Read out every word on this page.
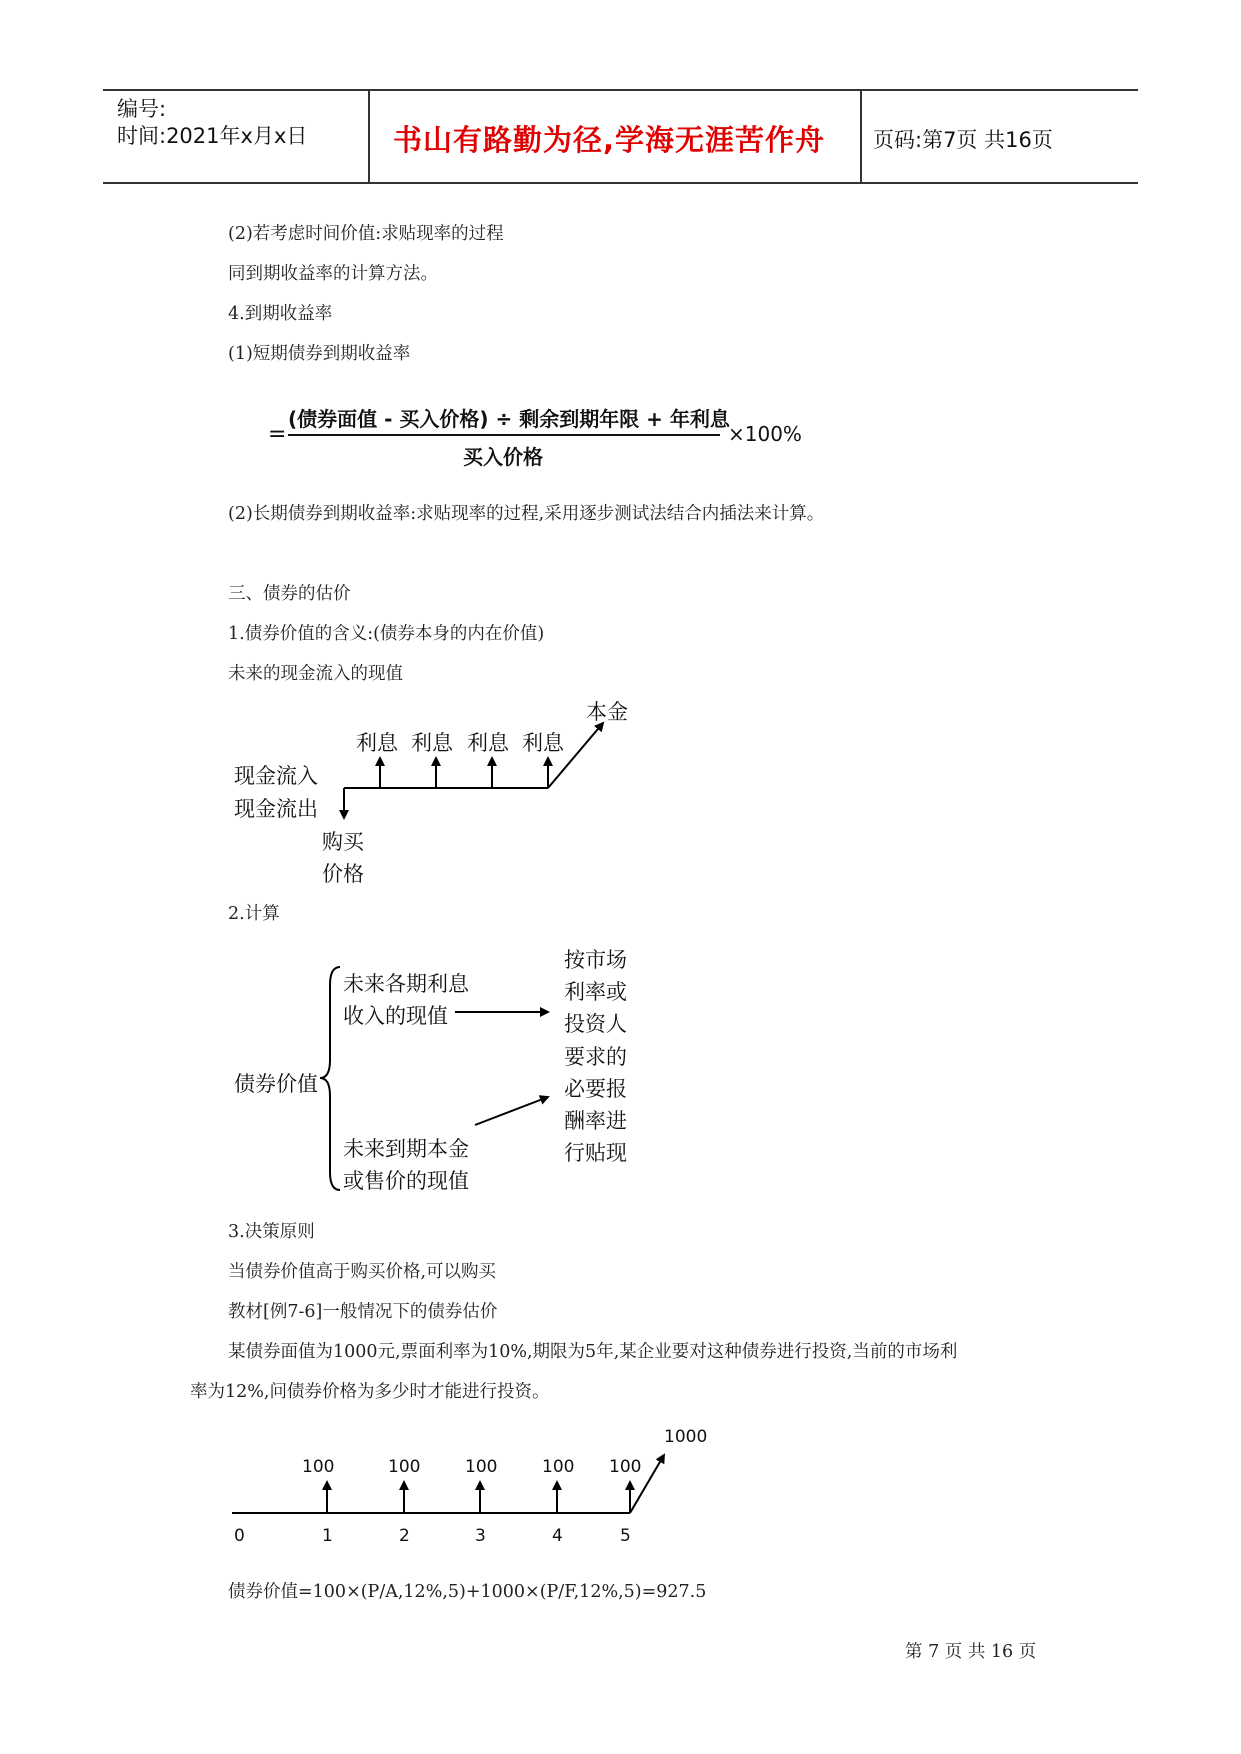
编号:
时间:2021年x月x日	书山有路勤为径,学海无涯苦作舟 页码:第7页 共16页
(2)若考虑时间价值:求贴现率的过程
同到期收益率的计算方法。
4.到期收益率
(1)短期债券到期收益率
=
(债券面值 - 买入价格) ÷ 剩余到期年限 + 年利息
买入价格
×100%
(2)长期债券到期收益率:求贴现率的过程,采用逐步测试法结合内插法来计算。
三、债券的估价
1.债券价值的含义:(债券本身的内在价值)
未来的现金流入的现值
利息 利息 利息 利息
本金
现金流入
现金流出
购买
价格
2.计算
债券价值
未来各期利息
收入的现值
未来到期本金
或售价的现值
按市场
利率或
投资人
要求的
必要报
酬率进
行贴现
3.决策原则
当债券价值高于购买价格,可以购买
教材[例7-6]一般情况下的债券估价
某债券面值为1000元,票面利率为10%,期限为5年,某企业要对这种债券进行投资,当前的市场利
率为12%,问债券价格为多少时才能进行投资。
1000
100	100	100	100 100
0	1	2	3	4	5
债券价值=100×(P/A,12%,5)+1000×(P/F,12%,5)=927.5
第 7 页 共 16 页
